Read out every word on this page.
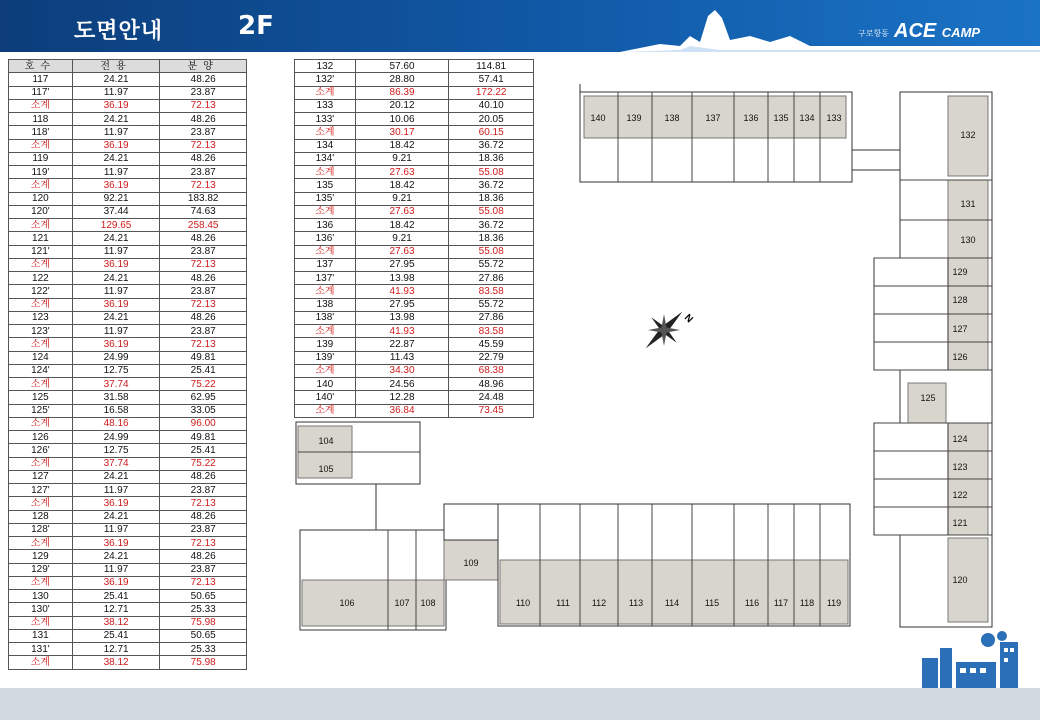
도면안내	2F	구로항동 ACE CAMP
호수	전용	분양
117	24.21	48.26
117'	11.97	23.87
소계	36.19	72.13
118	24.21	48.26
118'	11.97	23.87
소계	36.19	72.13
119	24.21	48.26
119'	11.97	23.87
소계	36.19	72.13
120	92.21	183.82
120'	37.44	74.63
소계	129.65	258.45
121	24.21	48.26
121'	11.97	23.87
소계	36.19	72.13
122	24.21	48.26
122'	11.97	23.87
소계	36.19	72.13
123	24.21	48.26
123'	11.97	23.87
소계	36.19	72.13
124	24.99	49.81
124'	12.75	25.41
소계	37.74	75.22
125	31.58	62.95
125'	16.58	33.05
소계	48.16	96.00
126	24.99	49.81
126'	12.75	25.41
소계	37.74	75.22
127	24.21	48.26
127'	11.97	23.87
소계	36.19	72.13
128	24.21	48.26
128'	11.97	23.87
소계	36.19	72.13
129	24.21	48.26
129'	11.97	23.87
소계	36.19	72.13
130	25.41	50.65
130'	12.71	25.33
소계	38.12	75.98
131	25.41	50.65
131'	12.71	25.33
소계	38.12	75.98
132	57.60	114.81
132'	28.80	57.41
소계	86.39	172.22
133	20.12	40.10
133'	10.06	20.05
소계	30.17	60.15
134	18.42	36.72
134'	9.21	18.36
소계	27.63	55.08
135	18.42	36.72
135'	9.21	18.36
소계	27.63	55.08
136	18.42	36.72
136'	9.21	18.36
소계	27.63	55.08
137	27.95	55.72
137'	13.98	27.86
소계	41.93	83.58
138	27.95	55.72
138'	13.98	27.86
소계	41.93	83.58
139	22.87	45.59
139'	11.43	22.79
소계	34.30	68.38
140	24.56	48.96
140'	12.28	24.48
소계	36.84	73.45
N
140 139	138	137	136 135 134 133
132
131
130
129
128
127
126
125
124
123
122
121
120
106	107 108
109
110	111 112	113 114	115	116 117 118 119
104
105
